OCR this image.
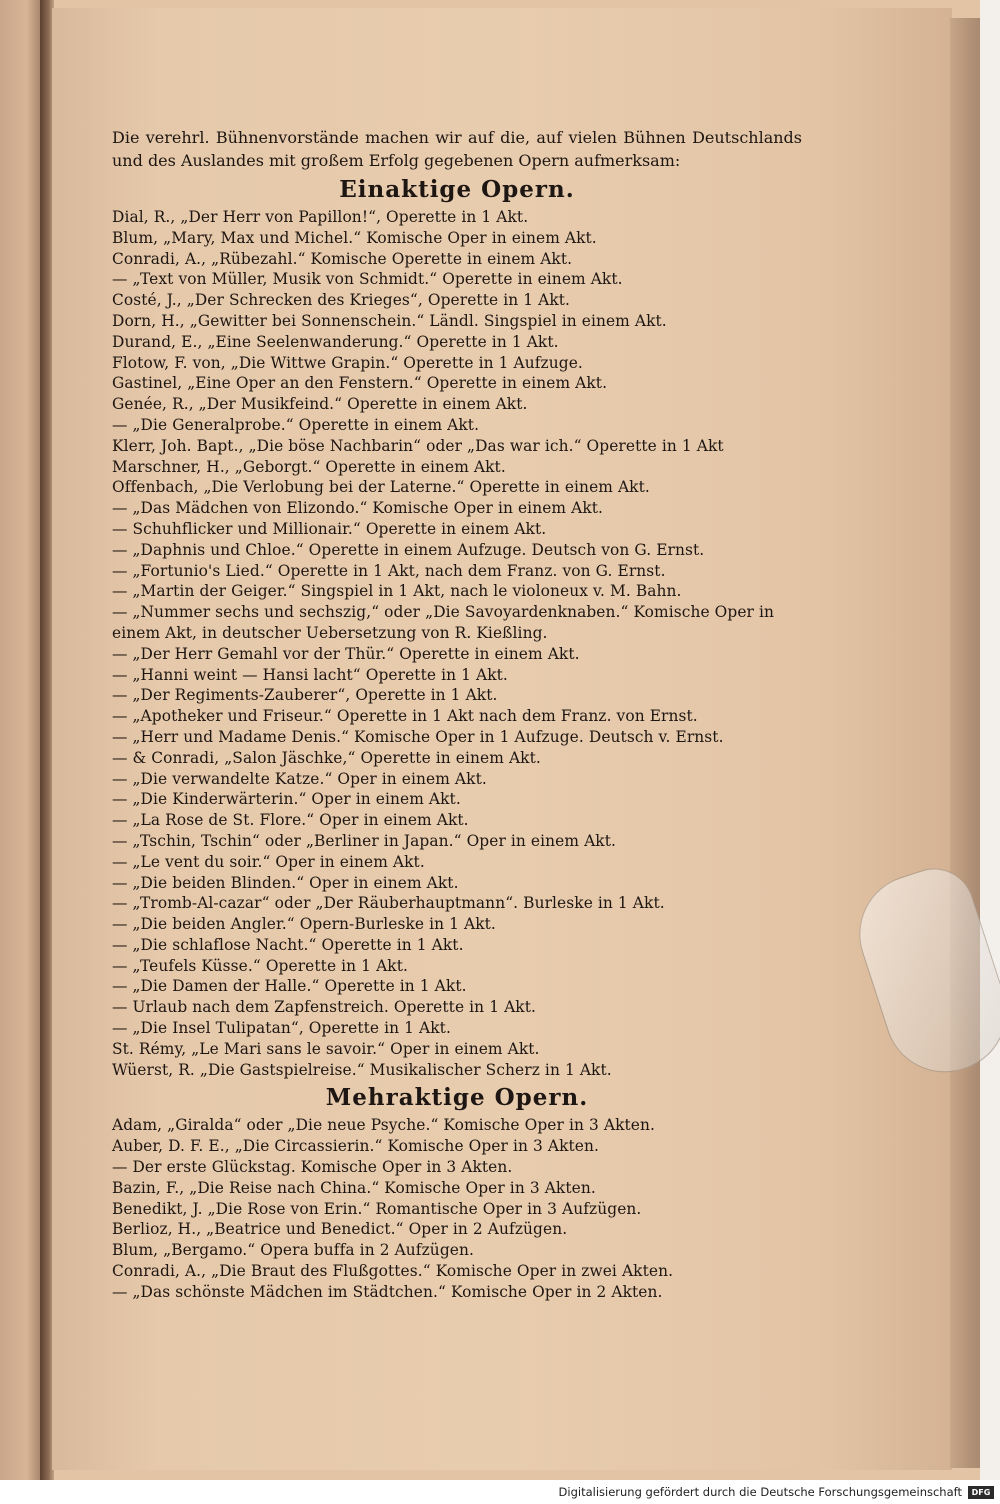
Die verehrl. Bühnenvorstände machen wir auf die, auf vielen Bühnen Deutschlands und des Auslandes mit großem Erfolg gegebenen Opern aufmerksam:

Einaktige Opern.
Dial, R., „Der Herr von Papillon!“, Operette in 1 Akt.
Blum, „Mary, Max und Michel.“ Komische Oper in einem Akt.
Conradi, A., „Rübezahl.“ Komische Operette in einem Akt.
— „Text von Müller, Musik von Schmidt.“ Operette in einem Akt.
Costé, J., „Der Schrecken des Krieges“, Operette in 1 Akt.
Dorn, H., „Gewitter bei Sonnenschein.“ Ländl. Singspiel in einem Akt.
Durand, E., „Eine Seelenwanderung.“ Operette in 1 Akt.
Flotow, F. von, „Die Wittwe Grapin.“ Operette in 1 Aufzuge.
Gastinel, „Eine Oper an den Fenstern.“ Operette in einem Akt.
Genée, R., „Der Musikfeind.“ Operette in einem Akt.
— „Die Generalprobe.“ Operette in einem Akt.
Klerr, Joh. Bapt., „Die böse Nachbarin“ oder „Das war ich.“ Operette in 1 Akt
Marschner, H., „Geborgt.“ Operette in einem Akt.
Offenbach, „Die Verlobung bei der Laterne.“ Operette in einem Akt.
— „Das Mädchen von Elizondo.“ Komische Oper in einem Akt.
— Schuhflicker und Millionair.“ Operette in einem Akt.
— „Daphnis und Chloe.“ Operette in einem Aufzuge. Deutsch von G. Ernst.
— „Fortunio's Lied.“ Operette in 1 Akt, nach dem Franz. von G. Ernst.
— „Martin der Geiger.“ Singspiel in 1 Akt, nach le violoneux v. M. Bahn.
— „Nummer sechs und sechszig,“ oder „Die Savoyardenknaben.“ Komische Oper in einem Akt, in deutscher Uebersetzung von R. Kießling.
— „Der Herr Gemahl vor der Thür.“ Operette in einem Akt.
— „Hanni weint — Hansi lacht“ Operette in 1 Akt.
— „Der Regiments-Zauberer“, Operette in 1 Akt.
— „Apotheker und Friseur.“ Operette in 1 Akt nach dem Franz. von Ernst.
— „Herr und Madame Denis.“ Komische Oper in 1 Aufzuge. Deutsch v. Ernst.
— & Conradi, „Salon Jäschke,“ Operette in einem Akt.
— „Die verwandelte Katze.“ Oper in einem Akt.
— „Die Kinderwärterin.“ Oper in einem Akt.
— „La Rose de St. Flore.“ Oper in einem Akt.
— „Tschin, Tschin“ oder „Berliner in Japan.“ Oper in einem Akt.
— „Le vent du soir.“ Oper in einem Akt.
— „Die beiden Blinden.“ Oper in einem Akt.
— „Tromb-Al-cazar“ oder „Der Räuberhauptmann“. Burleske in 1 Akt.
— „Die beiden Angler.“ Opern-Burleske in 1 Akt.
— „Die schlaflose Nacht.“ Operette in 1 Akt.
— „Teufels Küsse.“ Operette in 1 Akt.
— „Die Damen der Halle.“ Operette in 1 Akt.
— Urlaub nach dem Zapfenstreich. Operette in 1 Akt.
— „Die Insel Tulipatan“, Operette in 1 Akt.
St. Rémy, „Le Mari sans le savoir.“ Oper in einem Akt.
Wüerst, R. „Die Gastspielreise.“ Musikalischer Scherz in 1 Akt.
Mehraktige Opern.
Adam, „Giralda“ oder „Die neue Psyche.“ Komische Oper in 3 Akten.
Auber, D. F. E., „Die Circassierin.“ Komische Oper in 3 Akten.
— Der erste Glückstag. Komische Oper in 3 Akten.
Bazin, F., „Die Reise nach China.“ Komische Oper in 3 Akten.
Benedikt, J. „Die Rose von Erin.“ Romantische Oper in 3 Aufzügen.
Berlioz, H., „Beatrice und Benedict.“ Oper in 2 Aufzügen.
Blum, „Bergamo.“ Opera buffa in 2 Aufzügen.
Conradi, A., „Die Braut des Flußgottes.“ Komische Oper in zwei Akten.
— „Das schönste Mädchen im Städtchen.“ Komische Oper in 2 Akten.
Digitalisierung gefördert durch die Deutsche Forschungsgemeinschaft	DFG
